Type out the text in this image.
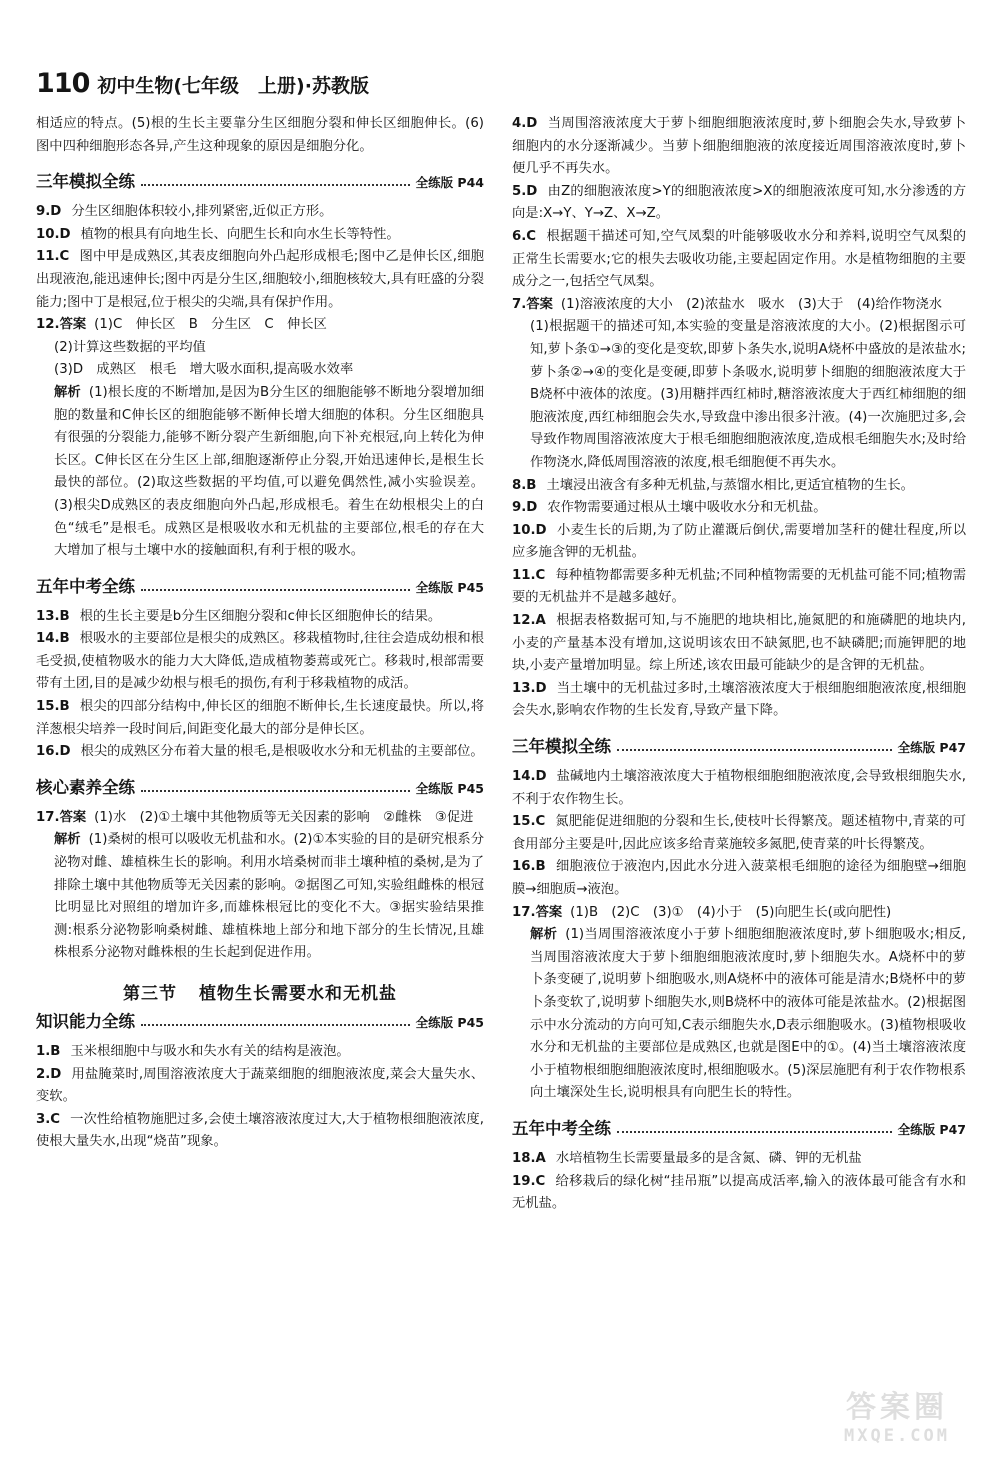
110 初中生物(七年级　上册)·苏教版

相适应的特点。(5)根的生长主要靠分生区细胞分裂和伸长区细胞伸长。(6)图中四种细胞形态各异,产生这种现象的原因是细胞分化。

三年模拟全练	全练版 P44

9.D 分生区细胞体积较小,排列紧密,近似正方形。

10.D 植物的根具有向地生长、向肥生长和向水生长等特性。

11.C 图中甲是成熟区,其表皮细胞向外凸起形成根毛;图中乙是伸长区,细胞出现液泡,能迅速伸长;图中丙是分生区,细胞较小,细胞核较大,具有旺盛的分裂能力;图中丁是根冠,位于根尖的尖端,具有保护作用。

12.答案 (1)C　伸长区　B　分生区　C　伸长区

(2)计算这些数据的平均值

(3)D　成熟区　根毛　增大吸水面积,提高吸水效率

解析 (1)根长度的不断增加,是因为B分生区的细胞能够不断地分裂增加细胞的数量和C伸长区的细胞能够不断伸长增大细胞的体积。分生区细胞具有很强的分裂能力,能够不断分裂产生新细胞,向下补充根冠,向上转化为伸长区。C伸长区在分生区上部,细胞逐渐停止分裂,开始迅速伸长,是根生长最快的部位。(2)取这些数据的平均值,可以避免偶然性,减小实验误差。(3)根尖D成熟区的表皮细胞向外凸起,形成根毛。着生在幼根根尖上的白色“绒毛”是根毛。成熟区是根吸收水和无机盐的主要部位,根毛的存在大大增加了根与土壤中水的接触面积,有利于根的吸水。

五年中考全练	全练版 P45

13.B 根的生长主要是b分生区细胞分裂和c伸长区细胞伸长的结果。

14.B 根吸水的主要部位是根尖的成熟区。移栽植物时,往往会造成幼根和根毛受损,使植物吸水的能力大大降低,造成植物萎蔫或死亡。移栽时,根部需要带有土团,目的是减少幼根与根毛的损伤,有利于移栽植物的成活。

15.B 根尖的四部分结构中,伸长区的细胞不断伸长,生长速度最快。所以,将洋葱根尖培养一段时间后,间距变化最大的部分是伸长区。

16.D 根尖的成熟区分布着大量的根毛,是根吸收水分和无机盐的主要部位。

核心素养全练	全练版 P45

17.答案 (1)水　(2)①土壤中其他物质等无关因素的影响　②雌株　③促进

解析 (1)桑树的根可以吸收无机盐和水。(2)①本实验的目的是研究根系分泌物对雌、雄植株生长的影响。利用水培桑树而非土壤种植的桑树,是为了排除土壤中其他物质等无关因素的影响。②据图乙可知,实验组雌株的根冠比明显比对照组的增加许多,而雄株根冠比的变化不大。③据实验结果推测:根系分泌物影响桑树雌、雄植株地上部分和地下部分的生长情况,且雄株根系分泌物对雌株根的生长起到促进作用。

第三节 植物生长需要水和无机盐
知识能力全练	全练版 P45

1.B 玉米根细胞中与吸水和失水有关的结构是液泡。

2.D 用盐腌菜时,周围溶液浓度大于蔬菜细胞的细胞液浓度,菜会大量失水、变软。

3.C 一次性给植物施肥过多,会使土壤溶液浓度过大,大于植物根细胞液浓度,使根大量失水,出现“烧苗”现象。

4.D 当周围溶液浓度大于萝卜细胞细胞液浓度时,萝卜细胞会失水,导致萝卜细胞内的水分逐渐减少。当萝卜细胞细胞液的浓度接近周围溶液浓度时,萝卜便几乎不再失水。

5.D 由Z的细胞液浓度>Y的细胞液浓度>X的细胞液浓度可知,水分渗透的方向是:X→Y、Y→Z、X→Z。

6.C 根据题干描述可知,空气凤梨的叶能够吸收水分和养料,说明空气凤梨的正常生长需要水;它的根失去吸收功能,主要起固定作用。水是植物细胞的主要成分之一,包括空气凤梨。

7.答案 (1)溶液浓度的大小　(2)浓盐水　吸水　(3)大于　(4)给作物浇水

(1)根据题干的描述可知,本实验的变量是溶液浓度的大小。(2)根据图示可知,萝卜条①→③的变化是变软,即萝卜条失水,说明A烧杯中盛放的是浓盐水;萝卜条②→④的变化是变硬,即萝卜条吸水,说明萝卜细胞的细胞液浓度大于B烧杯中液体的浓度。(3)用糖拌西红柿时,糖溶液浓度大于西红柿细胞的细胞液浓度,西红柿细胞会失水,导致盘中渗出很多汁液。(4)一次施肥过多,会导致作物周围溶液浓度大于根毛细胞细胞液浓度,造成根毛细胞失水;及时给作物浇水,降低周围溶液的浓度,根毛细胞便不再失水。

8.B 土壤浸出液含有多种无机盐,与蒸馏水相比,更适宜植物的生长。

9.D 农作物需要通过根从土壤中吸收水分和无机盐。

10.D 小麦生长的后期,为了防止灌溉后倒伏,需要增加茎秆的健壮程度,所以应多施含钾的无机盐。

11.C 每种植物都需要多种无机盐;不同种植物需要的无机盐可能不同;植物需要的无机盐并不是越多越好。

12.A 根据表格数据可知,与不施肥的地块相比,施氮肥的和施磷肥的地块内,小麦的产量基本没有增加,这说明该农田不缺氮肥,也不缺磷肥;而施钾肥的地块,小麦产量增加明显。综上所述,该农田最可能缺少的是含钾的无机盐。

13.D 当土壤中的无机盐过多时,土壤溶液浓度大于根细胞细胞液浓度,根细胞会失水,影响农作物的生长发育,导致产量下降。

三年模拟全练	全练版 P47

14.D 盐碱地内土壤溶液浓度大于植物根细胞细胞液浓度,会导致根细胞失水,不利于农作物生长。

15.C 氮肥能促进细胞的分裂和生长,使枝叶长得繁茂。题述植物中,青菜的可食用部分主要是叶,因此应该多给青菜施较多氮肥,使青菜的叶长得繁茂。

16.B 细胞液位于液泡内,因此水分进入菠菜根毛细胞的途径为细胞壁→细胞膜→细胞质→液泡。

17.答案 (1)B　(2)C　(3)①　(4)小于　(5)向肥生长(或向肥性)

解析 (1)当周围溶液浓度小于萝卜细胞细胞液浓度时,萝卜细胞吸水;相反,当周围溶液浓度大于萝卜细胞细胞液浓度时,萝卜细胞失水。A烧杯中的萝卜条变硬了,说明萝卜细胞吸水,则A烧杯中的液体可能是清水;B烧杯中的萝卜条变软了,说明萝卜细胞失水,则B烧杯中的液体可能是浓盐水。(2)根据图示中水分流动的方向可知,C表示细胞失水,D表示细胞吸水。(3)植物根吸收水分和无机盐的主要部位是成熟区,也就是图E中的①。(4)当土壤溶液浓度小于植物根细胞细胞液浓度时,根细胞吸水。(5)深层施肥有利于农作物根系向土壤深处生长,说明根具有向肥生长的特性。

五年中考全练	全练版 P47

18.A 水培植物生长需要量最多的是含氮、磷、钾的无机盐

19.C 给移栽后的绿化树“挂吊瓶”以提高成活率,输入的液体最可能含有水和无机盐。

答案圈
MXQE.COM
